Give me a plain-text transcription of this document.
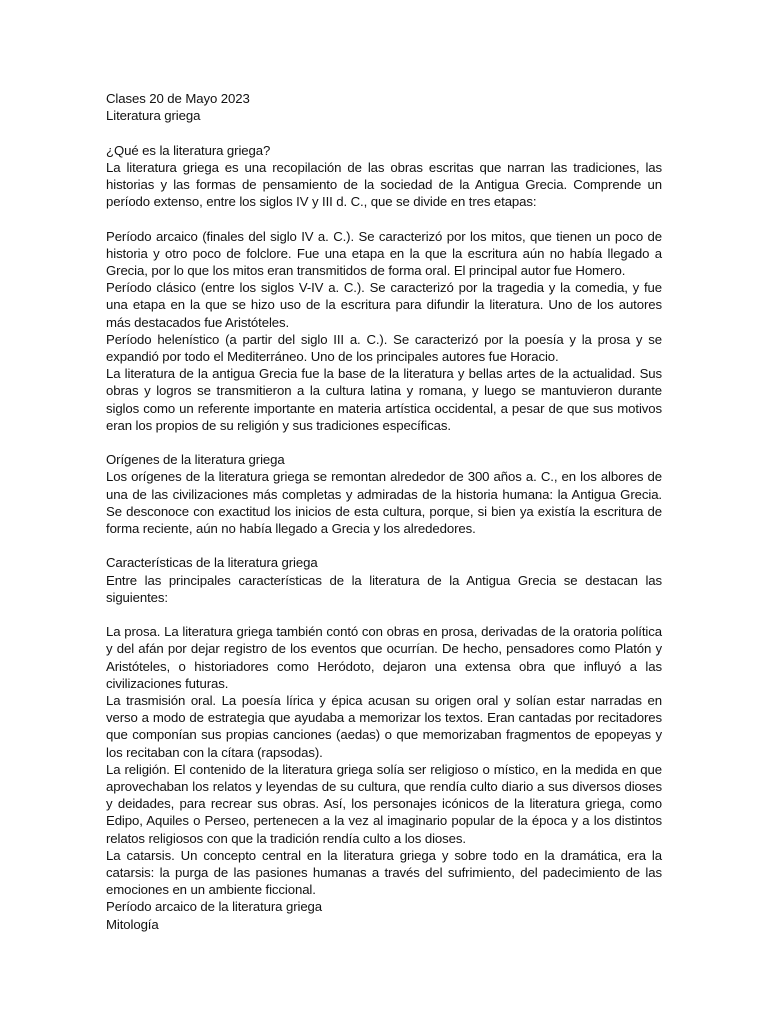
Clases 20 de Mayo 2023

Literatura griega

¿Qué es la literatura griega?

La literatura griega es una recopilación de las obras escritas que narran las tradiciones, las historias y las formas de pensamiento de la sociedad de la Antigua Grecia. Comprende un período extenso, entre los siglos IV y III d. C., que se divide en tres etapas:

Período arcaico (finales del siglo IV a. C.). Se caracterizó por los mitos, que tienen un poco de historia y otro poco de folclore. Fue una etapa en la que la escritura aún no había llegado a Grecia, por lo que los mitos eran transmitidos de forma oral. El principal autor fue Homero.

Período clásico (entre los siglos V-IV a. C.). Se caracterizó por la tragedia y la comedia, y fue una etapa en la que se hizo uso de la escritura para difundir la literatura. Uno de los autores más destacados fue Aristóteles.

Período helenístico (a partir del siglo III a. C.). Se caracterizó por la poesía y la prosa y se expandió por todo el Mediterráneo. Uno de los principales autores fue Horacio.

La literatura de la antigua Grecia fue la base de la literatura y bellas artes de la actualidad. Sus obras y logros se transmitieron a la cultura latina y romana, y luego se mantuvieron durante siglos como un referente importante en materia artística occidental, a pesar de que sus motivos eran los propios de su religión y sus tradiciones específicas.

Orígenes de la literatura griega

Los orígenes de la literatura griega se remontan alrededor de 300 años a. C., en los albores de una de las civilizaciones más completas y admiradas de la historia humana: la Antigua Grecia. Se desconoce con exactitud los inicios de esta cultura, porque, si bien ya existía la escritura de forma reciente, aún no había llegado a Grecia y los alrededores.

Características de la literatura griega

Entre las principales características de la literatura de la Antigua Grecia se destacan las siguientes:

La prosa. La literatura griega también contó con obras en prosa, derivadas de la oratoria política y del afán por dejar registro de los eventos que ocurrían. De hecho, pensadores como Platón y Aristóteles, o historiadores como Heródoto, dejaron una extensa obra que influyó a las civilizaciones futuras.

La trasmisión oral. La poesía lírica y épica acusan su origen oral y solían estar narradas en verso a modo de estrategia que ayudaba a memorizar los textos. Eran cantadas por recitadores que componían sus propias canciones (aedas) o que memorizaban fragmentos de epopeyas y los recitaban con la cítara (rapsodas).

La religión. El contenido de la literatura griega solía ser religioso o místico, en la medida en que aprovechaban los relatos y leyendas de su cultura, que rendía culto diario a sus diversos dioses y deidades, para recrear sus obras. Así, los personajes icónicos de la literatura griega, como Edipo, Aquiles o Perseo, pertenecen a la vez al imaginario popular de la época y a los distintos relatos religiosos con que la tradición rendía culto a los dioses.

La catarsis. Un concepto central en la literatura griega y sobre todo en la dramática, era la catarsis: la purga de las pasiones humanas a través del sufrimiento, del padecimiento de las emociones en un ambiente ficcional.

Período arcaico de la literatura griega

Mitología
